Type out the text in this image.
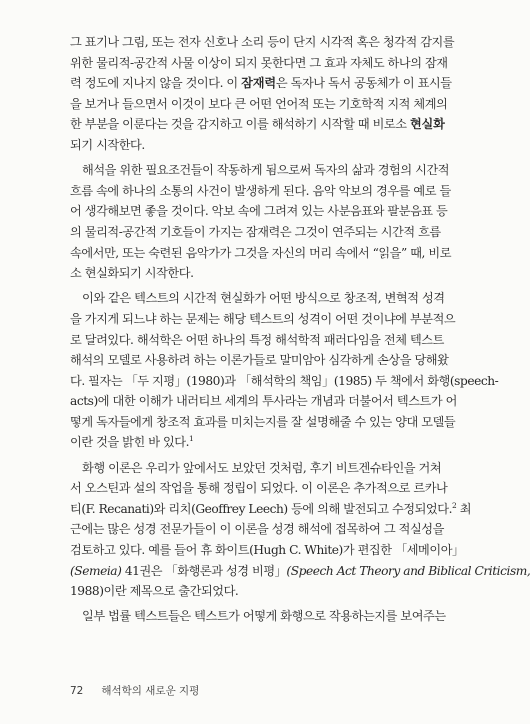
그 표기나 그림, 또는 전자 신호나 소리 등이 단지 시각적 혹은 청각적 감지를
위한 물리적-공간적 사물 이상이 되지 못한다면 그 효과 자체도 하나의 잠재
력 정도에 지나지 않을 것이다. 이 잠재력은 독자나 독서 공동체가 이 표시들
을 보거나 들으면서 이것이 보다 큰 어떤 언어적 또는 기호학적 지적 체계의
한 부분을 이룬다는 것을 감지하고 이를 해석하기 시작할 때 비로소 현실화
되기 시작한다.
해석을 위한 필요조건들이 작동하게 됨으로써 독자의 삶과 경험의 시간적
흐름 속에 하나의 소통의 사건이 발생하게 된다. 음악 악보의 경우를 예로 들
어 생각해보면 좋을 것이다. 악보 속에 그려져 있는 사분음표와 팔분음표 등
의 물리적-공간적 기호들이 가지는 잠재력은 그것이 연주되는 시간적 흐름
속에서만, 또는 숙련된 음악가가 그것을 자신의 머리 속에서 “읽을” 때, 비로
소 현실화되기 시작한다.
이와 같은 텍스트의 시간적 현실화가 어떤 방식으로 창조적, 변혁적 성격
을 가지게 되느냐 하는 문제는 해당 텍스트의 성격이 어떤 것이냐에 부분적으
로 달려있다. 해석학은 어떤 하나의 특정 해석학적 패러다임을 전체 텍스트
해석의 모델로 사용하려 하는 이론가들로 말미암아 심각하게 손상을 당해왔
다. 필자는 「두 지평」(1980)과 「해석학의 책임」(1985) 두 책에서 화행(speech-
acts)에 대한 이해가 내러티브 세계의 투사라는 개념과 더불어서 텍스트가 어
떻게 독자들에게 창조적 효과를 미치는지를 잘 설명해줄 수 있는 양대 모델들
이란 것을 밝힌 바 있다.$^1$
화행 이론은 우리가 앞에서도 보았던 것처럼, 후기 비트겐슈타인을 거쳐
서 오스틴과 설의 작업을 통해 정립이 되었다. 이 이론은 추가적으로 르카나
티(F. Recanati)와 리치(Geoffrey Leech) 등에 의해 발전되고 수정되었다.$^2$ 최
근에는 많은 성경 전문가들이 이 이론을 성경 해석에 접목하여 그 적실성을
검토하고 있다. 예를 들어 휴 화이트(Hugh C. White)가 편집한 「세메이아」
(Semeia) 41권은 「화행론과 성경 비평」(Speech Act Theory and Biblical Criticism,
1988)이란 제목으로 출간되었다.
일부 법률 텍스트들은 텍스트가 어떻게 화행으로 작용하는지를 보여주는
72 해석학의 새로운 지평
